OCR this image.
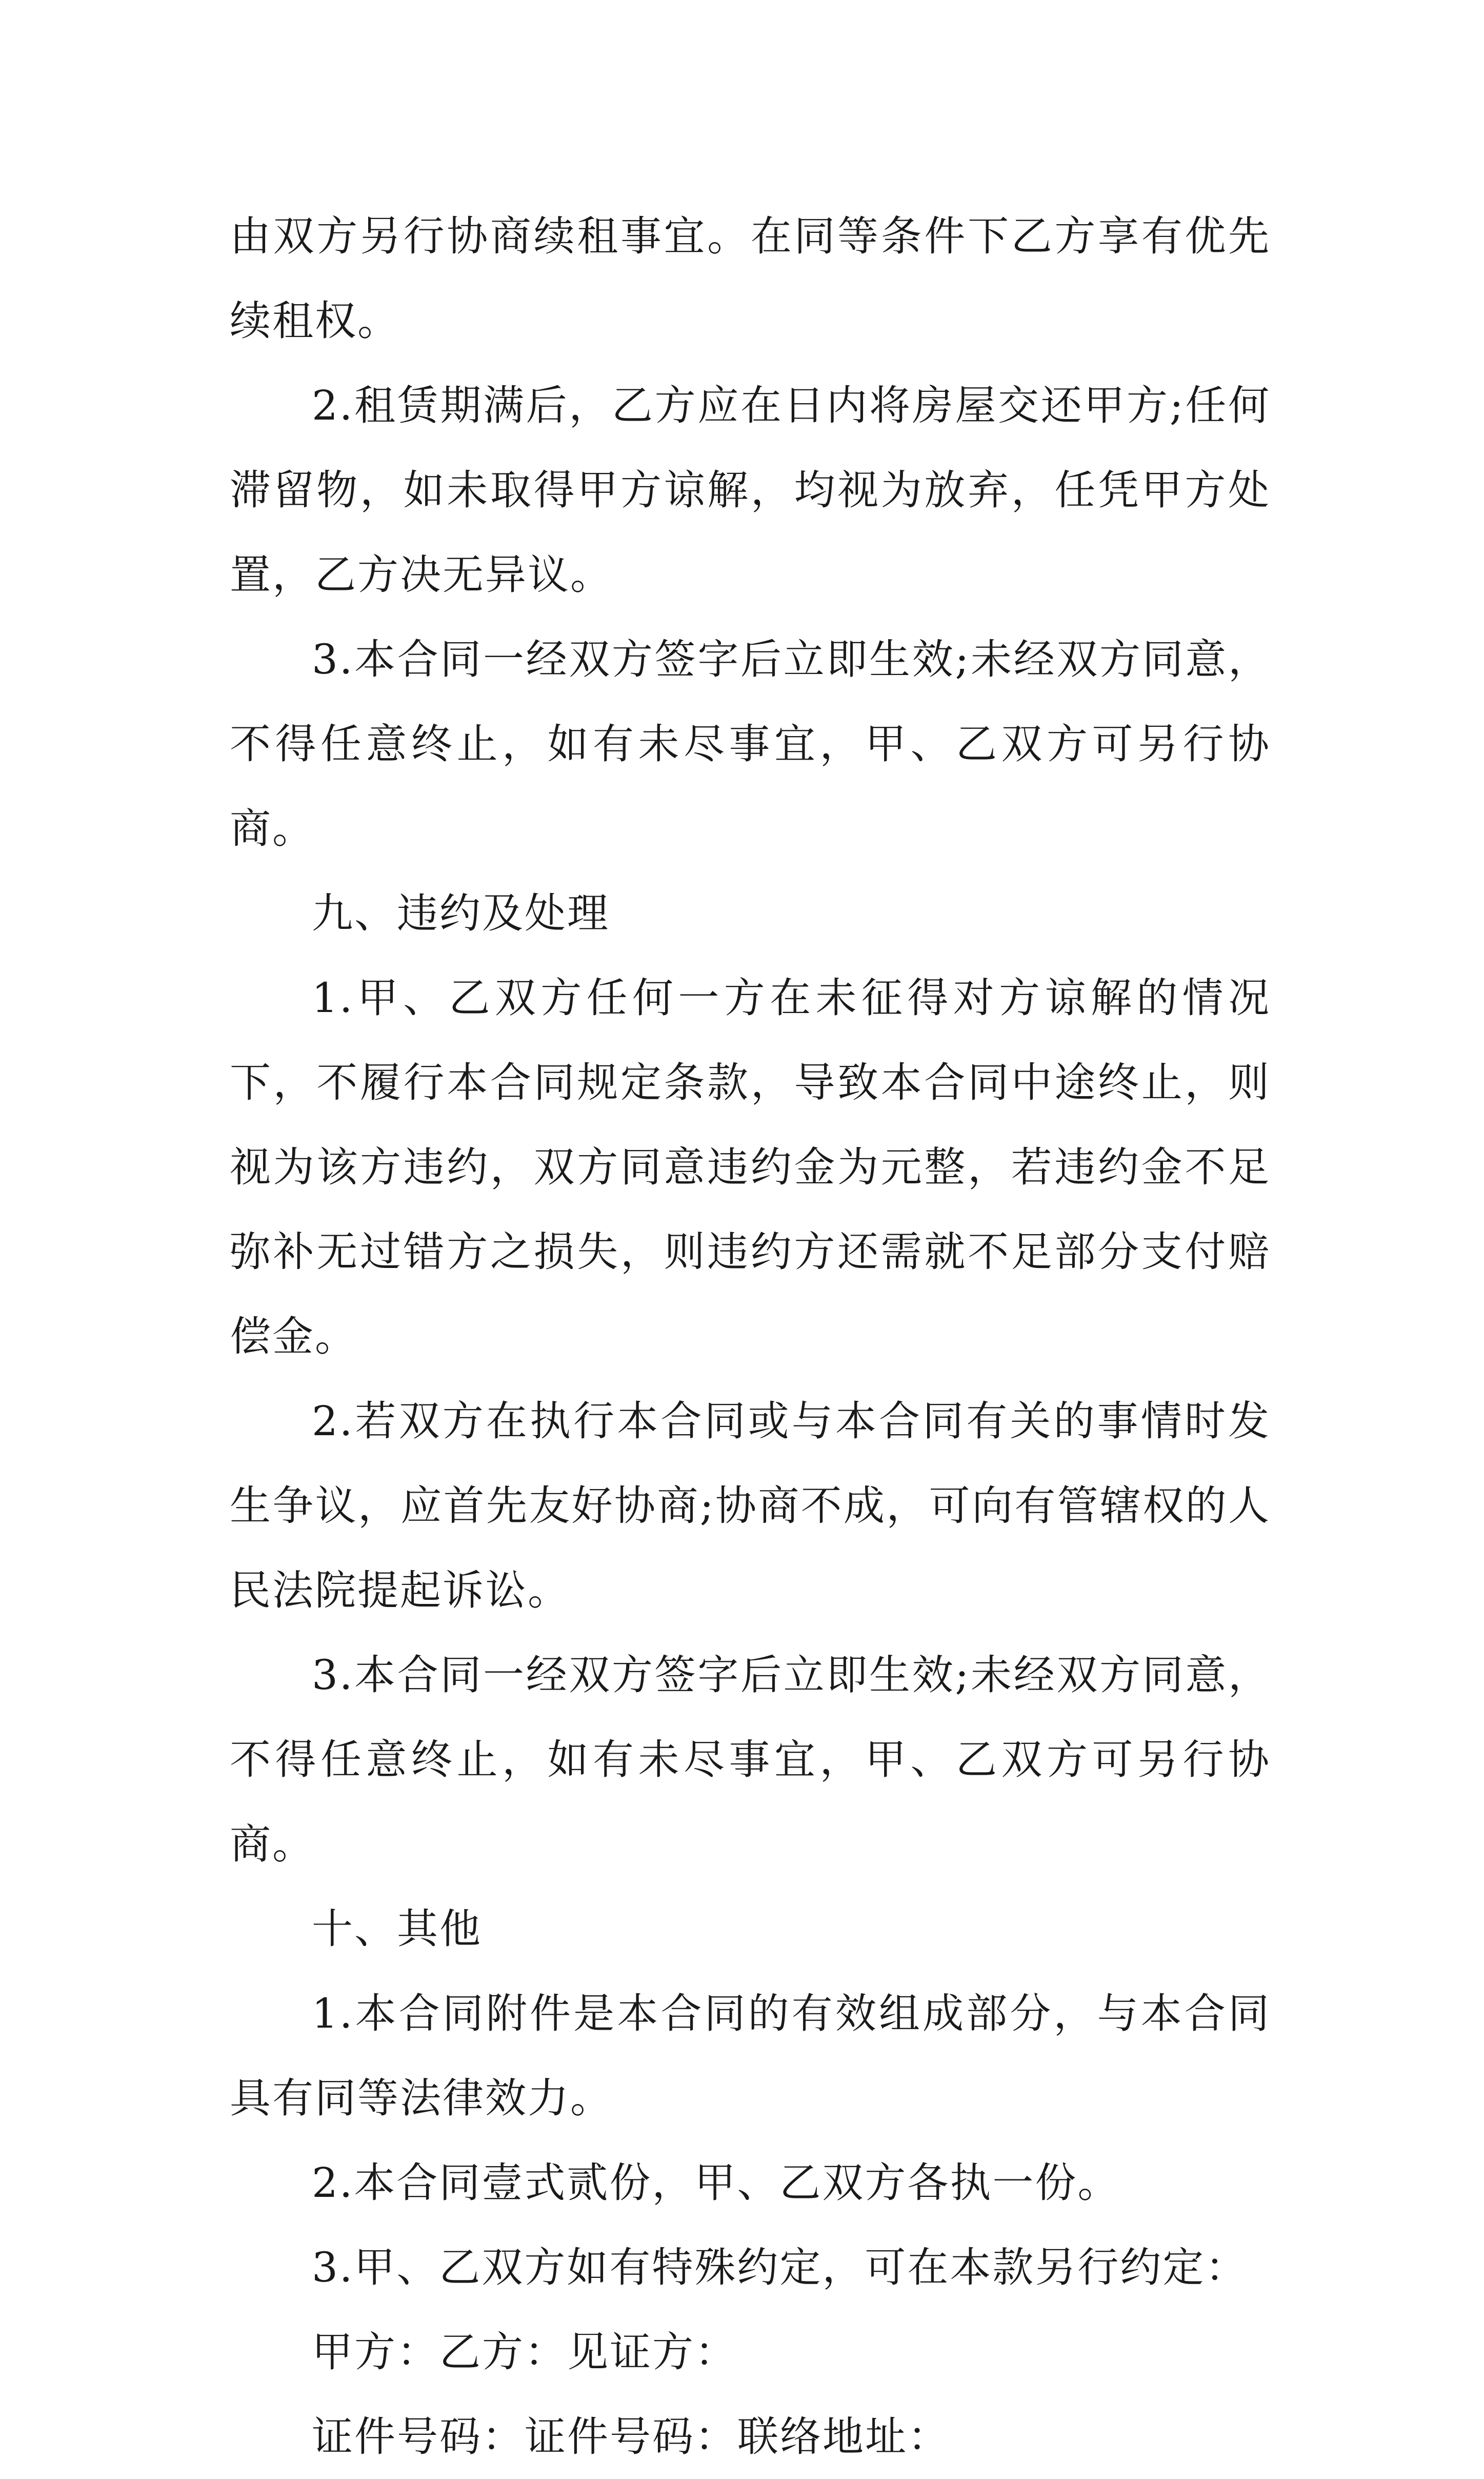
由双方另行协商续租事宜。在同等条件下乙方享有优先续租权。

2.租赁期满后，乙方应在日内将房屋交还甲方;任何滞留物，如未取得甲方谅解，均视为放弃，任凭甲方处置，乙方决无异议。

3.本合同一经双方签字后立即生效;未经双方同意，不得任意终止，如有未尽事宜，甲、乙双方可另行协商。

九、违约及处理

1.甲、乙双方任何一方在未征得对方谅解的情况下，不履行本合同规定条款，导致本合同中途终止，则视为该方违约，双方同意违约金为元整，若违约金不足弥补无过错方之损失，则违约方还需就不足部分支付赔偿金。

2.若双方在执行本合同或与本合同有关的事情时发生争议，应首先友好协商;协商不成，可向有管辖权的人民法院提起诉讼。

3.本合同一经双方签字后立即生效;未经双方同意，不得任意终止，如有未尽事宜，甲、乙双方可另行协商。

十、其他

1.本合同附件是本合同的有效组成部分，与本合同具有同等法律效力。

2.本合同壹式贰份，甲、乙双方各执一份。

3.甲、乙双方如有特殊约定，可在本款另行约定：

甲方：乙方：见证方：

证件号码：证件号码：联络地址：
